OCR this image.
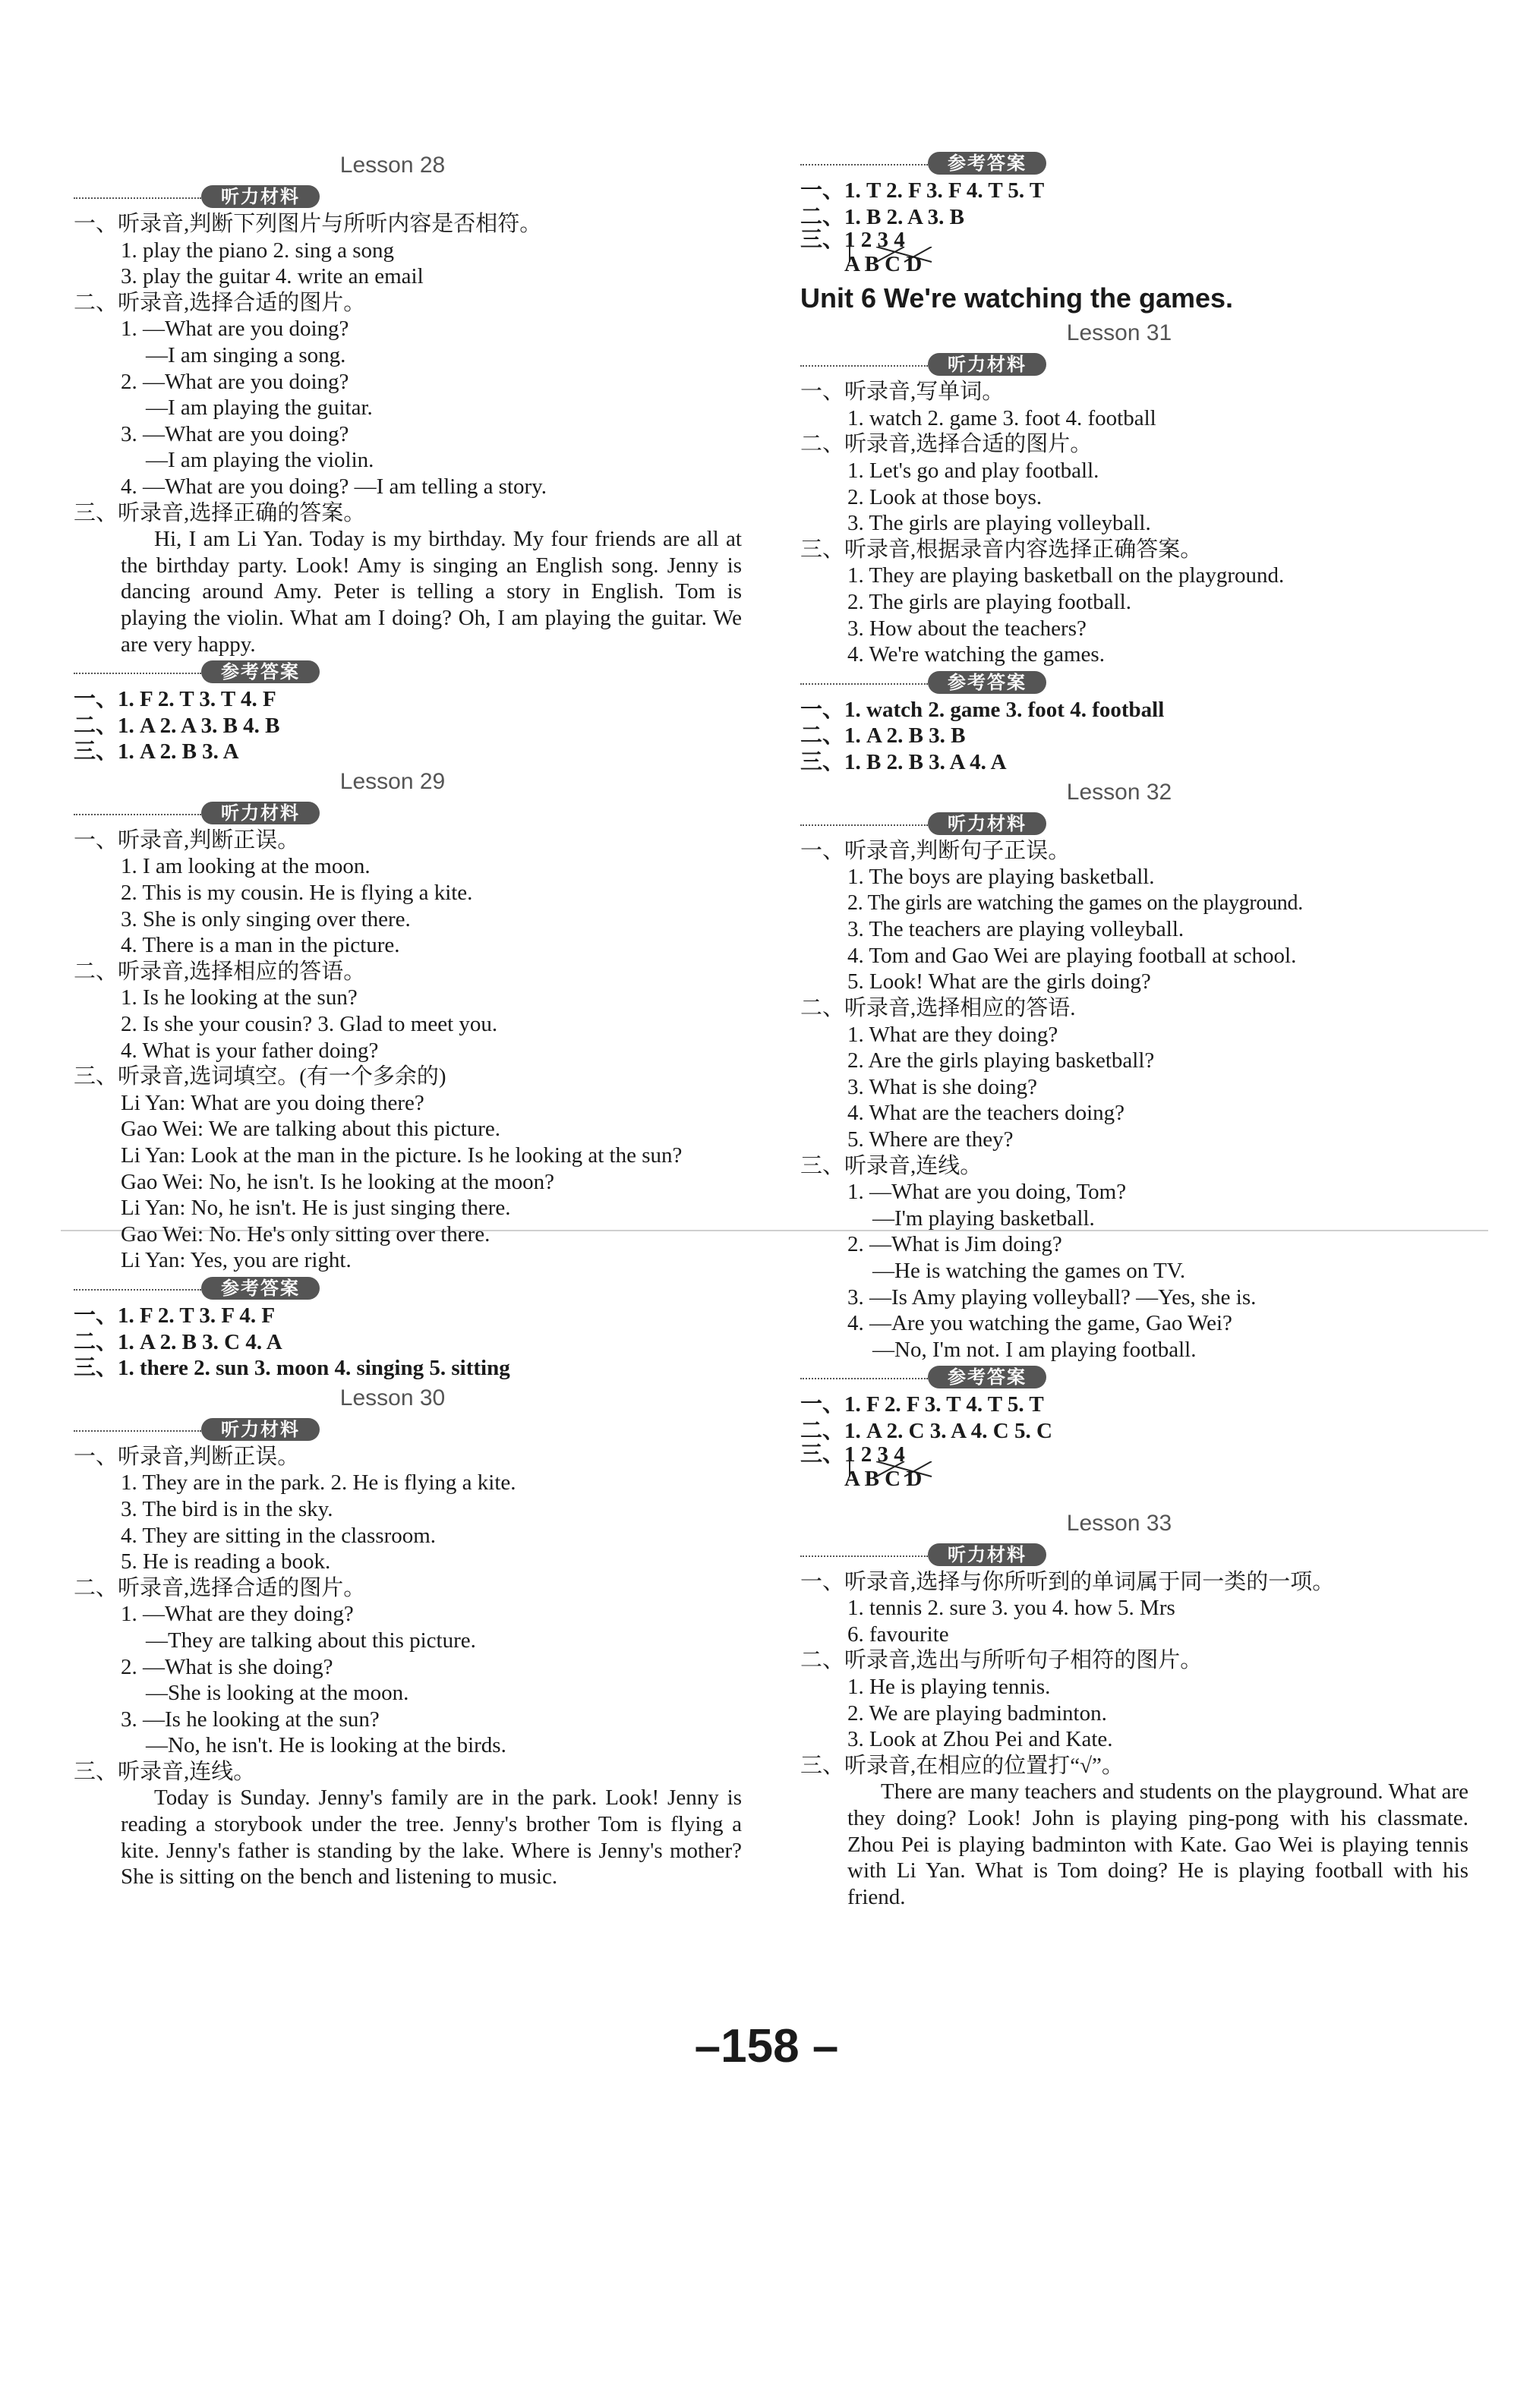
Lesson 28
听力材料
一、听录音,判断下列图片与所听内容是否相符。
1. play the piano 2. sing a song
3. play the guitar 4. write an email
二、听录音,选择合适的图片。
1. —What are you doing?
—I am singing a song.
2. —What are you doing?
—I am playing the guitar.
3. —What are you doing?
—I am playing the violin.
4. —What are you doing? —I am telling a story.
三、听录音,选择正确的答案。
Hi, I am Li Yan. Today is my birthday. My four friends are all at the birthday party. Look! Amy is singing an English song. Jenny is dancing around Amy. Peter is telling a story in English. Tom is playing the violin. What am I doing? Oh, I am playing the guitar. We are very happy.
参考答案
一、1. F 2. T 3. T 4. F
二、1. A 2. A 3. B 4. B
三、1. A 2. B 3. A
Lesson 29
听力材料
一、听录音,判断正误。
1. I am looking at the moon.
2. This is my cousin. He is flying a kite.
3. She is only singing over there.
4. There is a man in the picture.
二、听录音,选择相应的答语。
1. Is he looking at the sun?
2. Is she your cousin? 3. Glad to meet you.
4. What is your father doing?
三、听录音,选词填空。(有一个多余的)
Li Yan: What are you doing there?
Gao Wei: We are talking about this picture.
Li Yan: Look at the man in the picture. Is he looking at the sun?
Gao Wei: No, he isn't. Is he looking at the moon?
Li Yan: No, he isn't. He is just singing there.
Gao Wei: No. He's only sitting over there.
Li Yan: Yes, you are right.
参考答案
一、1. F 2. T 3. F 4. F
二、1. A 2. B 3. C 4. A
三、1. there 2. sun 3. moon 4. singing 5. sitting
Lesson 30
听力材料
一、听录音,判断正误。
1. They are in the park. 2. He is flying a kite.
3. The bird is in the sky.
4. They are sitting in the classroom.
5. He is reading a book.
二、听录音,选择合适的图片。
1. —What are they doing?
—They are talking about this picture.
2. —What is she doing?
—She is looking at the moon.
3. —Is he looking at the sun?
—No, he isn't. He is looking at the birds.
三、听录音,连线。
Today is Sunday. Jenny's family are in the park. Look! Jenny is reading a storybook under the tree. Jenny's brother Tom is flying a kite. Jenny's father is standing by the lake. Where is Jenny's mother? She is sitting on the bench and listening to music.
参考答案
一、1. T 2. F 3. F 4. T 5. T
二、1. B 2. A 3. B
三、 1 2 3 4
A B C D
Unit 6 We're watching the games.
Lesson 31
听力材料
一、听录音,写单词。
1. watch 2. game 3. foot 4. football
二、听录音,选择合适的图片。
1. Let's go and play football.
2. Look at those boys.
3. The girls are playing volleyball.
三、听录音,根据录音内容选择正确答案。
1. They are playing basketball on the playground.
2. The girls are playing football.
3. How about the teachers?
4. We're watching the games.
参考答案
一、1. watch 2. game 3. foot 4. football
二、1. A 2. B 3. B
三、1. B 2. B 3. A 4. A
Lesson 32
听力材料
一、听录音,判断句子正误。
1. The boys are playing basketball.
2. The girls are watching the games on the playground.
3. The teachers are playing volleyball.
4. Tom and Gao Wei are playing football at school.
5. Look! What are the girls doing?
二、听录音,选择相应的答语.
1. What are they doing?
2. Are the girls playing basketball?
3. What is she doing?
4. What are the teachers doing?
5. Where are they?
三、听录音,连线。
1. —What are you doing, Tom?
—I'm playing basketball.
2. —What is Jim doing?
—He is watching the games on TV.
3. —Is Amy playing volleyball? —Yes, she is.
4. —Are you watching the game, Gao Wei?
—No, I'm not. I am playing football.
参考答案
一、1. F 2. F 3. T 4. T 5. T
二、1. A 2. C 3. A 4. C 5. C
三、 1 2 3 4
A B C D
Lesson 33
听力材料
一、听录音,选择与你所听到的单词属于同一类的一项。
1. tennis 2. sure 3. you 4. how 5. Mrs
6. favourite
二、听录音,选出与所听句子相符的图片。
1. He is playing tennis.
2. We are playing badminton.
3. Look at Zhou Pei and Kate.
三、听录音,在相应的位置打“√”。
There are many teachers and students on the playground. What are they doing? Look! John is playing ping-pong with his classmate. Zhou Pei is playing badminton with Kate. Gao Wei is playing tennis with Li Yan. What is Tom doing? He is playing football with his friend.
–158 –
